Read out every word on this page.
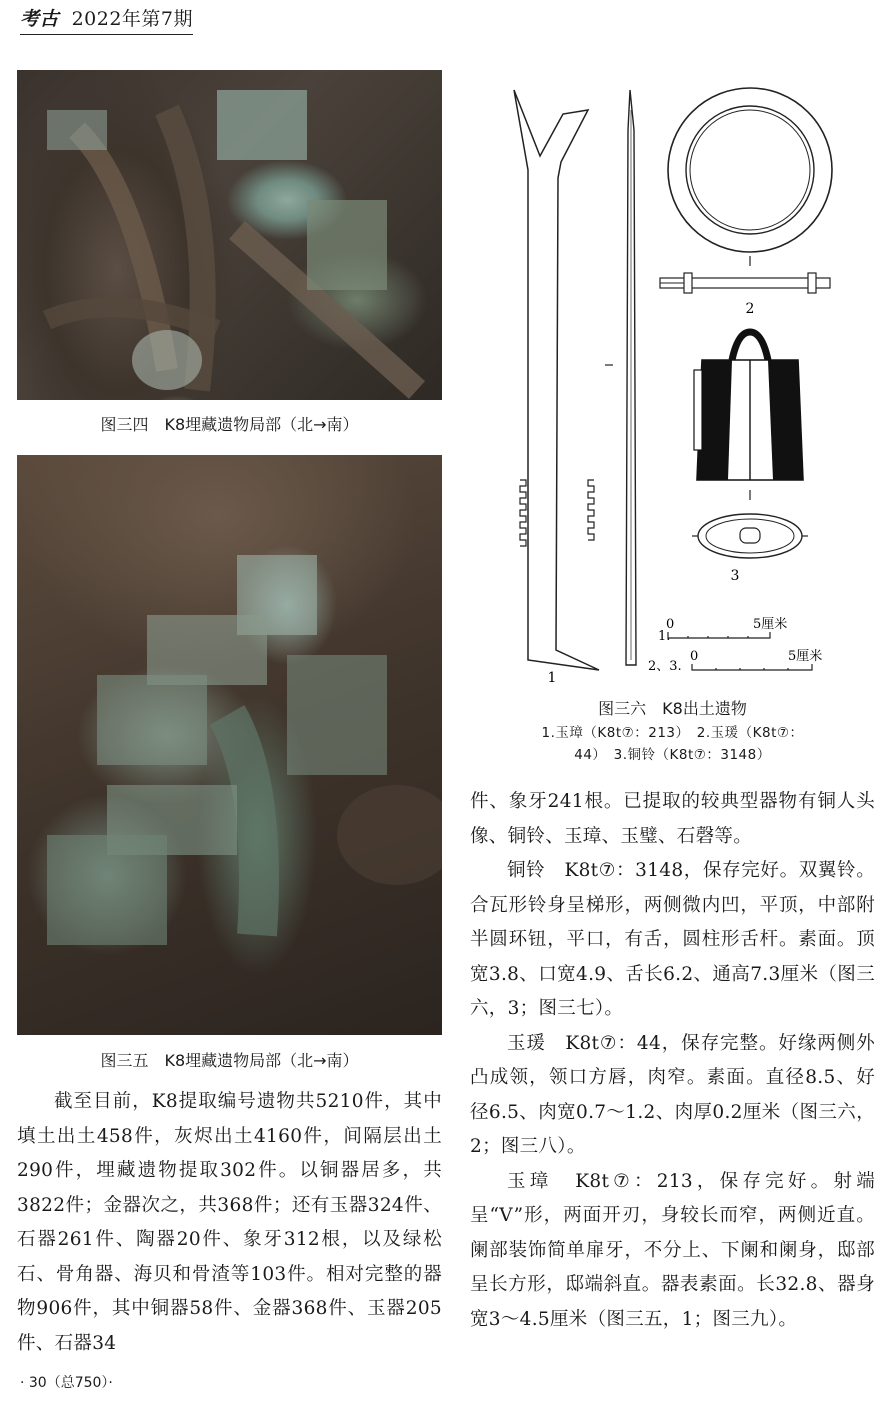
考古 2022年第7期
图三四　K8埋藏遗物局部（北→南）
图三五　K8埋藏遗物局部（北→南）
1
2
3
1.
0	5厘米
2、3.
0	5厘米
图三六　K8出土遗物
1.玉璋（K8t⑦：213）　2.玉瑗（K8t⑦：
44）　3.铜铃（K8t⑦：3148）

截至目前，K8提取编号遗物共5210件，其中填土出土458件，灰烬出土4160件，间隔层出土290件，埋藏遗物提取302件。以铜器居多，共3822件；金器次之，共368件；还有玉器324件、石器261件、陶器20件、象牙312根，以及绿松石、骨角器、海贝和骨渣等103件。相对完整的器物906件，其中铜器58件、金器368件、玉器205件、石器34

件、象牙241根。已提取的较典型器物有铜人头像、铜铃、玉璋、玉璧、石磬等。

铜铃　K8t⑦：3148，保存完好。双翼铃。合瓦形铃身呈梯形，两侧微内凹，平顶，中部附半圆环钮，平口，有舌，圆柱形舌杆。素面。顶宽3.8、口宽4.9、舌长6.2、通高7.3厘米（图三六，3；图三七）。

玉瑗　K8t⑦：44，保存完整。好缘两侧外凸成领，领口方唇，肉窄。素面。直径8.5、好径6.5、肉宽0.7～1.2、肉厚0.2厘米（图三六，2；图三八）。

玉璋　K8t⑦：213，保存完好。射端呈“V”形，两面开刃，身较长而窄，两侧近直。阑部装饰简单扉牙，不分上、下阑和阑身，邸部呈长方形，邸端斜直。器表素面。长32.8、器身宽3～4.5厘米（图三五，1；图三九）。

· 30（总750）·
